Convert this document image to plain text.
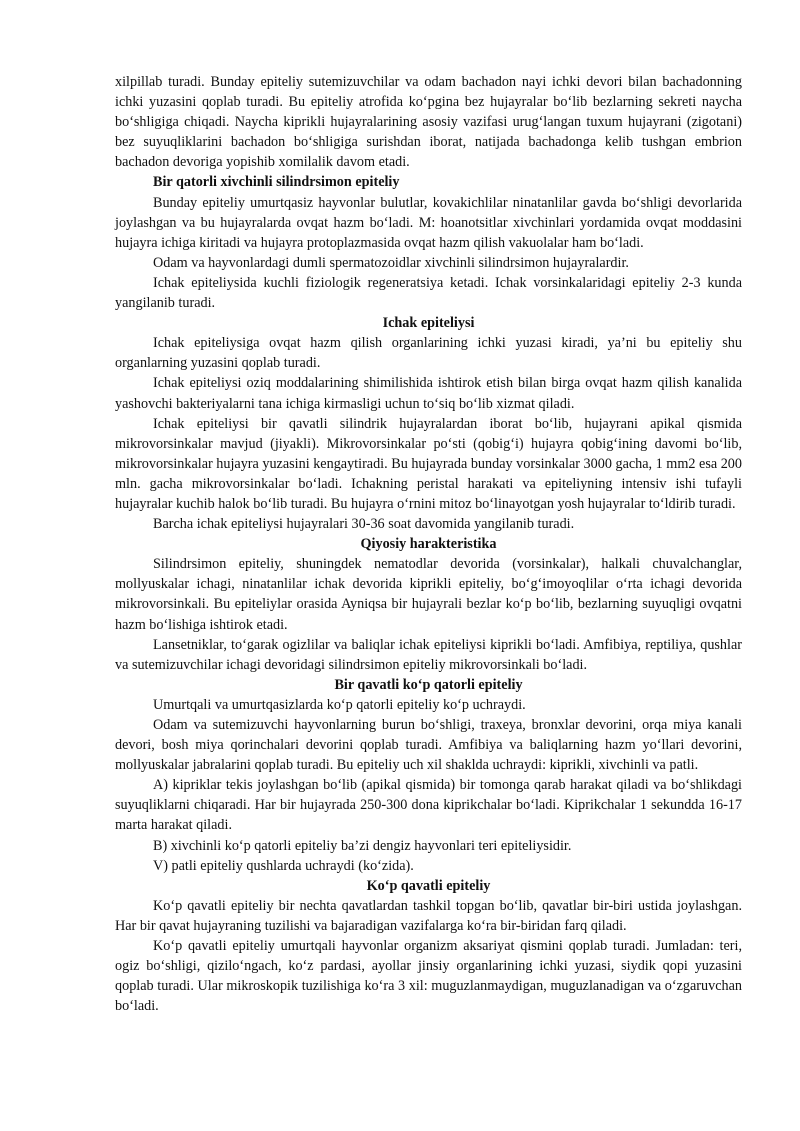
xilpillab turadi. Bunday epiteliy sutemizuvchilar va odam bachadon nayi ichki devori bilan bachadonning ichki yuzasini qoplab turadi. Bu epiteliy atrofida ko‘pgina bez hujayralar bo‘lib bezlarning sekreti naycha bo‘shligiga chiqadi. Naycha kiprikli hujayralarining asosiy vazifasi urug‘langan tuxum hujayrani (zigotani) bez suyuqliklarini bachadon bo‘shligiga surishdan iborat, natijada bachadonga kelib tushgan embrion bachadon devoriga yopishib xomilalik davom etadi.

Bir qatorli xivchinli silindrsimon epiteliy

Bunday epiteliy umurtqasiz hayvonlar bulutlar, kovakichlilar ninatanlilar gavda bo‘shligi devorlarida joylashgan va bu hujayralarda ovqat hazm bo‘ladi. M: hoanotsitlar xivchinlari yordamida ovqat moddasini hujayra ichiga kiritadi va hujayra protoplazmasida ovqat hazm qilish vakuolalar ham bo‘ladi.

Odam va hayvonlardagi dumli spermatozoidlar xivchinli silindrsimon hujayralardir.

Ichak epiteliysida kuchli fiziologik regeneratsiya ketadi. Ichak vorsinkalaridagi epiteliy 2-3 kunda yangilanib turadi.

Ichak epiteliysi

Ichak epiteliysiga ovqat hazm qilish organlarining ichki yuzasi kiradi, ya’ni bu epiteliy shu organlarning yuzasini qoplab turadi.

Ichak epiteliysi oziq moddalarining shimilishida ishtirok etish bilan birga ovqat hazm qilish kanalida yashovchi bakteriyalarni tana ichiga kirmasligi uchun to‘siq bo‘lib xizmat qiladi.

Ichak epiteliysi bir qavatli silindrik hujayralardan iborat bo‘lib, hujayrani apikal qismida mikrovorsinkalar mavjud (jiyakli). Mikrovorsinkalar po‘sti (qobig‘i) hujayra qobig‘ining davomi bo‘lib, mikrovorsinkalar hujayra yuzasini kengaytiradi. Bu hujayrada bunday vorsinkalar 3000 gacha, 1 mm2 esa 200 mln. gacha mikrovorsinkalar bo‘ladi. Ichakning peristal harakati va epiteliyning intensiv ishi tufayli hujayralar kuchib halok bo‘lib turadi. Bu hujayra o‘rnini mitoz bo‘linayotgan yosh hujayralar to‘ldirib turadi.

Barcha ichak epiteliysi hujayralari 30-36 soat davomida yangilanib turadi.

Qiyosiy harakteristika

Silindrsimon epiteliy, shuningdek nematodlar devorida (vorsinkalar), halkali chuvalchanglar, mollyuskalar ichagi, ninatanlilar ichak devorida kiprikli epiteliy, bo‘g‘imoyoqlilar o‘rta ichagi devorida mikrovorsinkali. Bu epiteliylar orasida Ayniqsa bir hujayrali bezlar ko‘p bo‘lib, bezlarning suyuqligi ovqatni hazm bo‘lishiga ishtirok etadi.

Lansetniklar, to‘garak ogizlilar va baliqlar ichak epiteliysi kiprikli bo‘ladi. Amfibiya, reptiliya, qushlar va sutemizuvchilar ichagi devoridagi silindrsimon epiteliy mikrovorsinkali bo‘ladi.

Bir qavatli ko‘p qatorli epiteliy

Umurtqali va umurtqasizlarda ko‘p qatorli epiteliy ko‘p uchraydi.

Odam va sutemizuvchi hayvonlarning burun bo‘shligi, traxeya, bronxlar devorini, orqa miya kanali devori, bosh miya qorinchalari devorini qoplab turadi. Amfibiya va baliqlarning hazm yo‘llari devorini, mollyuskalar jabralarini qoplab turadi. Bu epiteliy uch xil shaklda uchraydi: kiprikli, xivchinli va patli.

A) kipriklar tekis joylashgan bo‘lib (apikal qismida) bir tomonga qarab harakat qiladi va bo‘shlikdagi suyuqliklarni chiqaradi. Har bir hujayrada 250-300 dona kiprikchalar bo‘ladi. Kiprikchalar 1 sekundda 16-17 marta harakat qiladi.

B) xivchinli ko‘p qatorli epiteliy ba’zi dengiz hayvonlari teri epiteliysidir.

V) patli epiteliy qushlarda uchraydi (ko‘zida).

Ko‘p qavatli epiteliy

Ko‘p qavatli epiteliy bir nechta qavatlardan tashkil topgan bo‘lib, qavatlar bir-biri ustida joylashgan. Har bir qavat hujayraning tuzilishi va bajaradigan vazifalarga ko‘ra bir-biridan farq qiladi.

Ko‘p qavatli epiteliy umurtqali hayvonlar organizm aksariyat qismini qoplab turadi. Jumladan: teri, ogiz bo‘shligi, qizilo‘ngach, ko‘z pardasi, ayollar jinsiy organlarining ichki yuzasi, siydik qopi yuzasini qoplab turadi. Ular mikroskopik tuzilishiga ko‘ra 3 xil: muguzlanmaydigan, muguzlanadigan va o‘zgaruvchan bo‘ladi.
